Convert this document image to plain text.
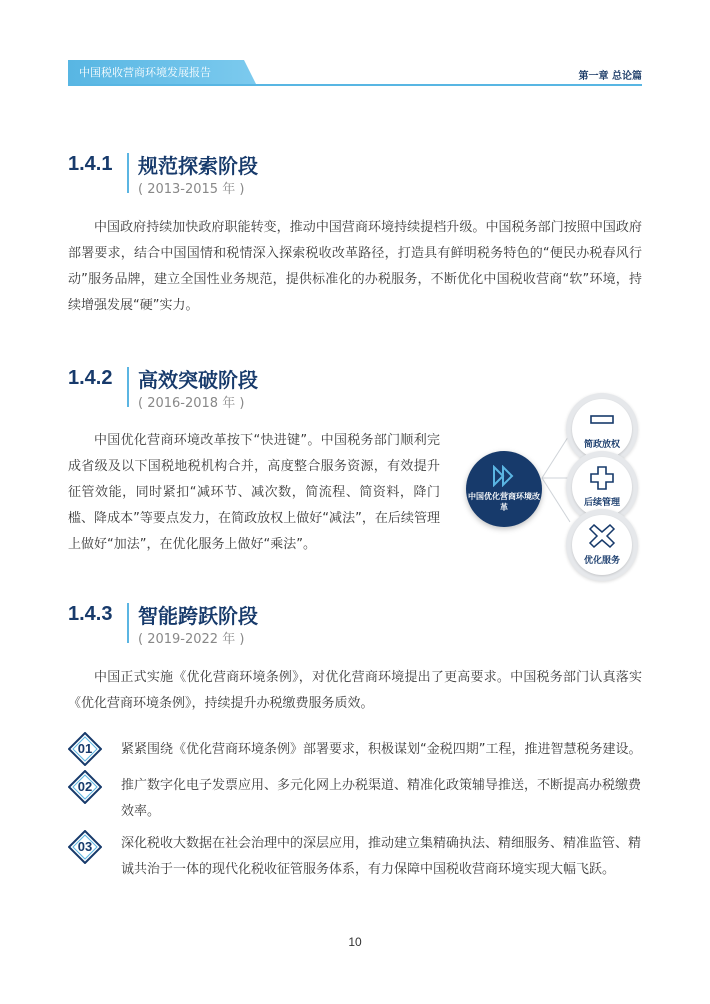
中国税收营商环境发展报告	第一章 总论篇
1.4.1 规范探索阶段
( 2013-2015 年 )

中国政府持续加快政府职能转变，推动中国营商环境持续提档升级。中国税务部门按照中国政府部署要求，结合中国国情和税情深入探索税收改革路径，打造具有鲜明税务特色的“便民办税春风行动”服务品牌，建立全国性业务规范，提供标准化的办税服务，不断优化中国税收营商“软”环境，持续增强发展“硬”实力。

1.4.2 高效突破阶段
( 2016-2018 年 )

中国优化营商环境改革按下“快进键”。中国税务部门顺利完成省级及以下国税地税机构合并，高度整合服务资源，有效提升征管效能，同时紧扣“减环节、减次数，简流程、简资料，降门槛、降成本”等要点发力，在简政放权上做好“减法”，在后续管理上做好“加法”，在优化服务上做好“乘法”。

中国优化营商环境改革
简政放权
后续管理
优化服务
1.4.3 智能跨跃阶段
( 2019-2022 年 )

中国正式实施《优化营商环境条例》，对优化营商环境提出了更高要求。中国税务部门认真落实《优化营商环境条例》，持续提升办税缴费服务质效。

01	紧紧围绕《优化营商环境条例》部署要求，积极谋划“金税四期”工程，推进智慧税务建设。

02	推广数字化电子发票应用、多元化网上办税渠道、精准化政策辅导推送，不断提高办税缴费效率。

03	深化税收大数据在社会治理中的深层应用，推动建立集精确执法、精细服务、精准监管、精诚共治于一体的现代化税收征管服务体系，有力保障中国税收营商环境实现大幅飞跃。

10
